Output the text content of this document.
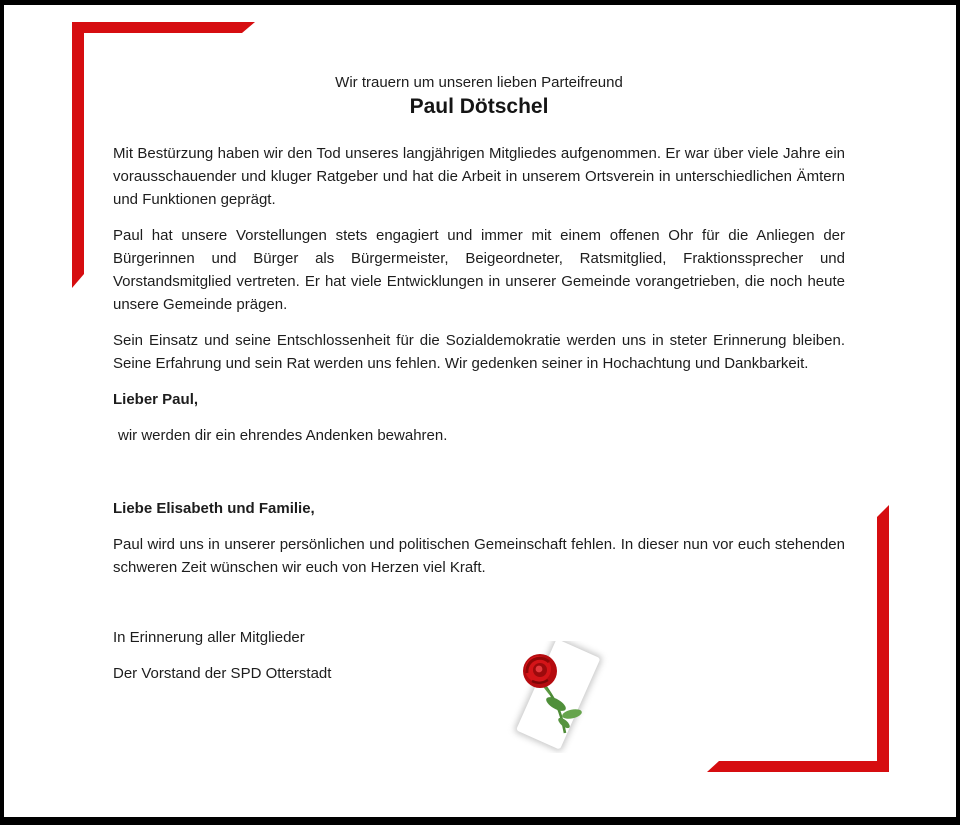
Wir trauern um unseren lieben Parteifreund

Paul Dötschel

Mit Bestürzung haben wir den Tod unseres langjährigen Mitgliedes aufgenommen. Er war über viele Jahre ein vorausschauender und kluger Ratgeber und hat die Arbeit in unserem Ortsverein in unterschiedlichen Ämtern und Funktionen geprägt.

Paul hat unsere Vorstellungen stets engagiert und immer mit einem offenen Ohr für die Anliegen der Bürgerinnen und Bürger als Bürgermeister, Beigeordneter, Ratsmitglied, Fraktionssprecher und Vorstandsmitglied vertreten. Er hat viele Entwicklungen in unserer Gemeinde vorangetrieben, die noch heute unsere Gemeinde prägen.

Sein Einsatz und seine Entschlossenheit für die Sozialdemokratie werden uns in steter Erinnerung bleiben. Seine Erfahrung und sein Rat werden uns fehlen. Wir gedenken seiner in Hochachtung und Dankbarkeit.

Lieber Paul,

wir werden dir ein ehrendes Andenken bewahren.

Liebe Elisabeth und Familie,

Paul wird uns in unserer persönlichen und politischen Gemeinschaft fehlen. In dieser nun vor euch stehenden schweren Zeit wünschen wir euch von Herzen viel Kraft.

In Erinnerung aller Mitglieder

Der Vorstand der SPD Otterstadt
